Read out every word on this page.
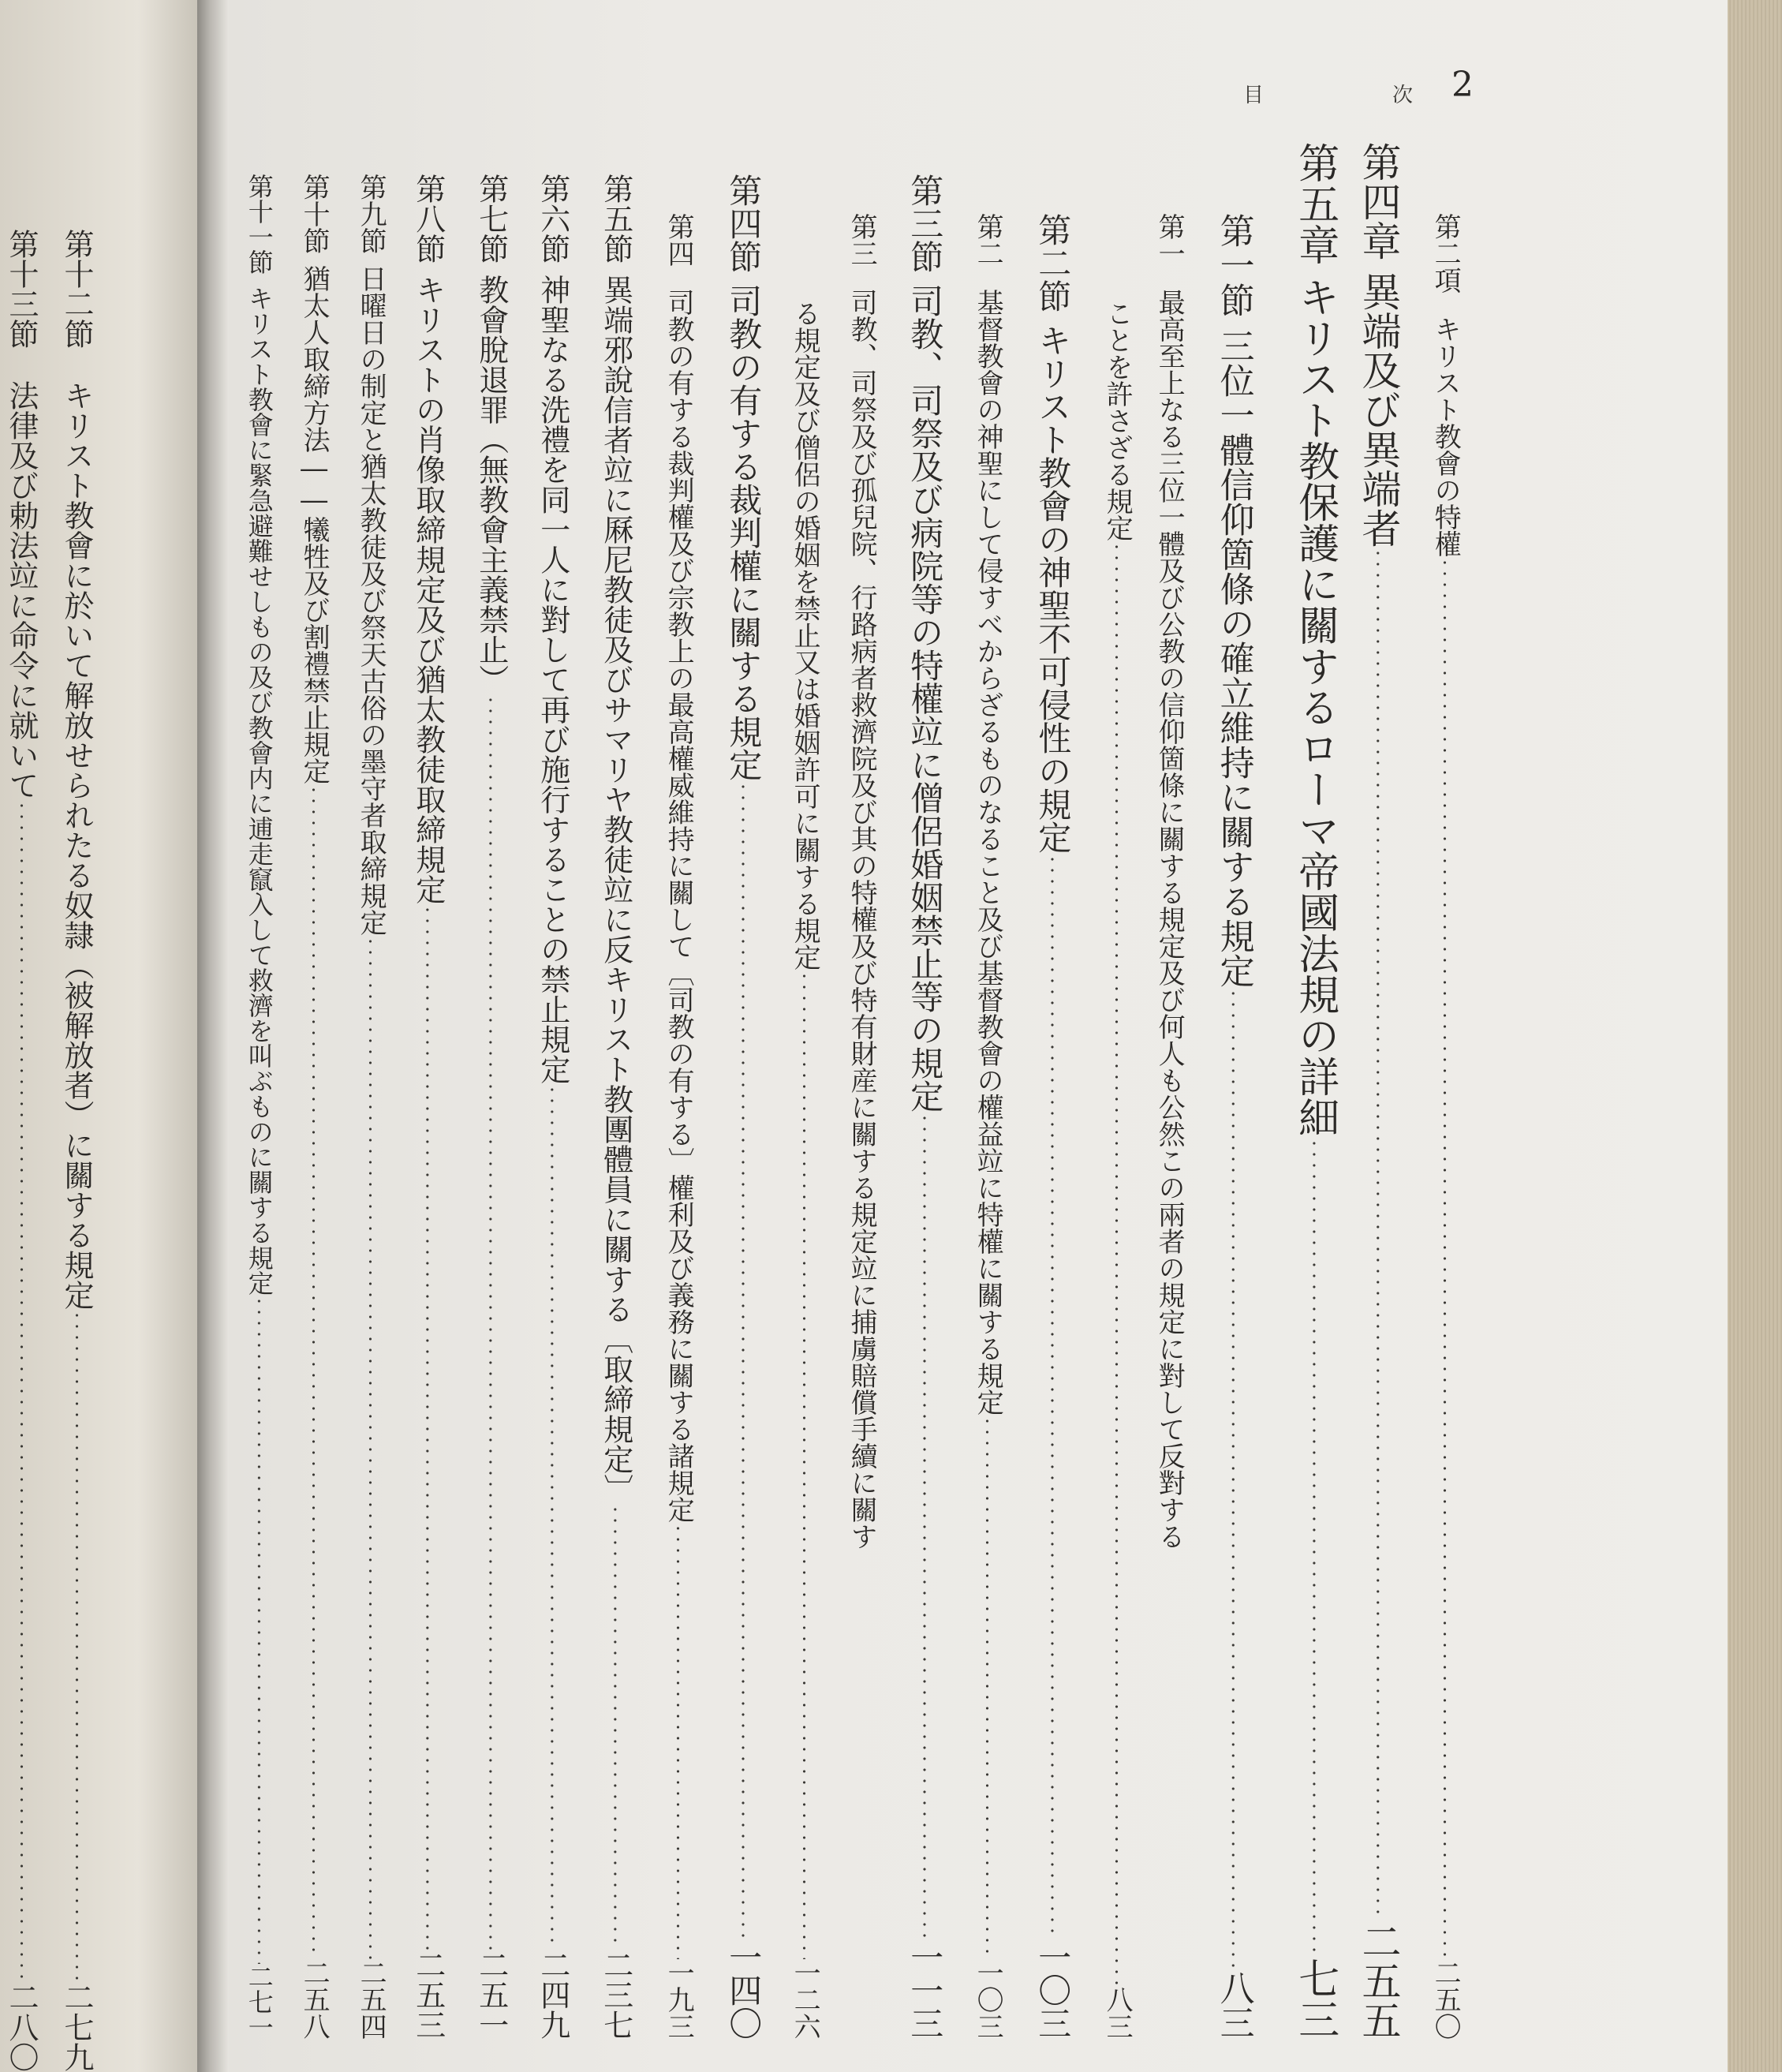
第十二節
キリスト教會に於いて解放せられたる奴隷（被解放者）に關する規定
二七九
第十三節
法律及び勅法竝に命令に就いて
二八〇
目	次 2
第二項
キリスト教會の特權
二五〇
第四章
異端及び異端者
二五五
第五章
キリスト教保護に關するローマ帝國法規の詳細
七三
第一節
三位一體信仰箇條の確立維持に關する規定
八三
第一
最高至上なる三位一體及び公教の信仰箇條に關する規定及び何人も公然この兩者の規定に對して反對する
ことを許さざる規定
八三
第二節
キリスト教會の神聖不可侵性の規定
一〇三
第二
基督教會の神聖にして侵すべからざるものなること及び基督教會の權益竝に特權に關する規定
一〇三
第三節
司教、司祭及び病院等の特權竝に僧侶婚姻禁止等の規定
一一三
第三
司教、司祭及び孤兒院、行路病者救濟院及び其の特權及び特有財産に關する規定竝に捕虜賠償手續に關す
る規定及び僧侶の婚姻を禁止又は婚姻許可に關する規定
一二六
第四節
司教の有する裁判權に關する規定
一四〇
第四
司教の有する裁判權及び宗教上の最高權威維持に關して〔司教の有する〕權利及び義務に關する諸規定
一九三
第五節
異端邪說信者竝に厤尼教徒及びサマリヤ教徒竝に反キリスト教團體員に關する〔取締規定〕
二三七
第六節
神聖なる洗禮を同一人に對して再び施行することの禁止規定
二四九
第七節
教會脫退罪（無教會主義禁止）
二五一
第八節
キリストの肖像取締規定及び猶太教徒取締規定
二五三
第九節
日曜日の制定と猶太教徒及び祭天古俗の墨守者取締規定
二五四
第十節
猶太人取締方法――犧牲及び割禮禁止規定
二五八
第十一節
キリスト教會に緊急避難せしもの及び教會内に逋走竄入して救濟を叫ぶものに關する規定
二七一
